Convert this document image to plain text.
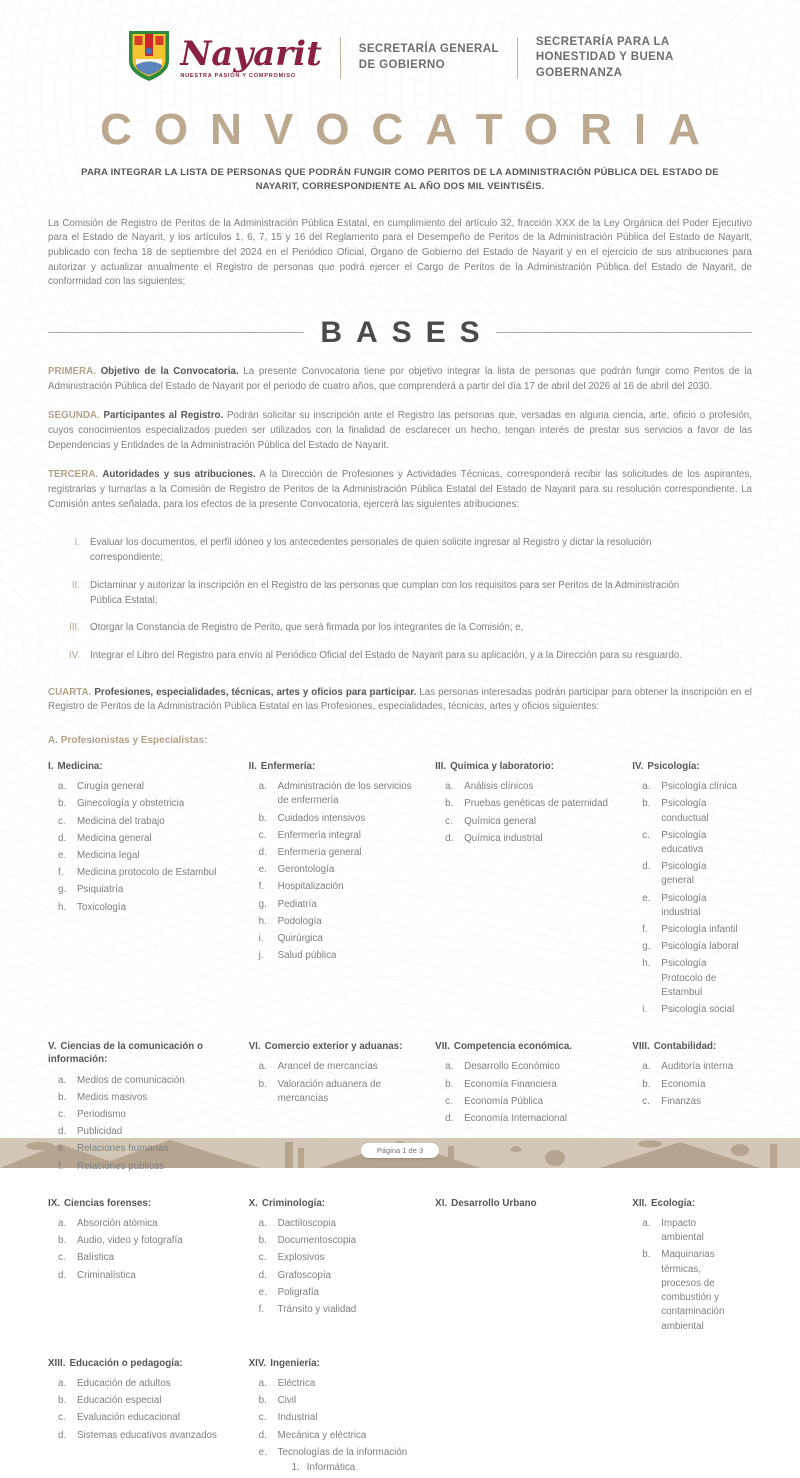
Nayarit
NUESTRA PASIÓN Y COMPROMISO
SECRETARÍA GENERAL
DE GOBIERNO
SECRETARÍA PARA LA
HONESTIDAD Y BUENA
GOBERNANZA
CONVOCATORIA
PARA INTEGRAR LA LISTA DE PERSONAS QUE PODRÁN FUNGIR COMO PERITOS DE LA ADMINISTRACIÓN PÚBLICA DEL ESTADO DE NAYARIT, CORRESPONDIENTE AL AÑO DOS MIL VEINTISÉIS.

La Comisión de Registro de Peritos de la Administración Pública Estatal, en cumplimiento del artículo 32, fracción XXX de la Ley Orgánica del Poder Ejecutivo para el Estado de Nayarit, y los artículos 1, 6, 7, 15 y 16 del Reglamento para el Desempeño de Peritos de la Administración Pública del Estado de Nayarit, publicado con fecha 18 de septiembre del 2024 en el Periódico Oficial, Órgano de Gobierno del Estado de Nayarit y en el ejercicio de sus atribuciones para autorizar y actualizar anualmente el Registro de personas que podrá ejercer el Cargo de Peritos de la Administración Pública del Estado de Nayarit, de conformidad con las siguientes;

BASES

PRIMERA. Objetivo de la Convocatoria. La presente Convocatoria tiene por objetivo integrar la lista de personas que podrán fungir como Peritos de la Administración Pública del Estado de Nayarit por el periodo de cuatro años, que comprenderá a partir del día 17 de abril del 2026 al 16 de abril del 2030.

SEGUNDA. Participantes al Registro. Podrán solicitar su inscripción ante el Registro las personas que, versadas en alguna ciencia, arte, oficio o profesión, cuyos conocimientos especializados pueden ser utilizados con la finalidad de esclarecer un hecho, tengan interés de prestar sus servicios a favor de las Dependencias y Entidades de la Administración Pública del Estado de Nayarit.

TERCERA. Autoridades y sus atribuciones. A la Dirección de Profesiones y Actividades Técnicas, corresponderá recibir las solicitudes de los aspirantes, registrarlas y turnarlas a la Comisión de Registro de Peritos de la Administración Pública Estatal del Estado de Nayarit para su resolución correspondiente. La Comisión antes señalada, para los efectos de la presente Convocatoria, ejercerá las siguientes atribuciones:

I. Evaluar los documentos, el perfil idóneo y los antecedentes personales de quien solicite ingresar al Registro y dictar la resolución correspondiente;
II. Dictaminar y autorizar la inscripción en el Registro de las personas que cumplan con los requisitos para ser Peritos de la Administración Pública Estatal;
III. Otorgar la Constancia de Registro de Perito, que será firmada por los integrantes de la Comisión; e,
IV. Integrar el Libro del Registro para envío al Periódico Oficial del Estado de Nayarit para su aplicación, y a la Dirección para su resguardo.

CUARTA. Profesiones, especialidades, técnicas, artes y oficios para participar. Las personas interesadas podrán participar para obtener la inscripción en el Registro de Peritos de la Administración Pública Estatal en las Profesiones, especialidades, técnicas, artes y oficios siguientes:

A. Profesionistas y Especialistas:
I. Medicina:
a. Cirugía general
b. Ginecología y obstetricia
c. Medicina del trabajo
d. Medicina general
e. Medicina legal
f.	Medicina protocolo de Estambul
g. Psiquiatría
h. Toxicología
II. Enfermería:
a. Administración de los servicios de enfermería
b. Cuidados intensivos
c. Enfermería integral
d. Enfermería general
e. Gerontología
f.	Hospitalización
g. Pediatría
h. Podología
i.	Quirúrgica
j.	Salud pública
III. Química y laboratorio:
a. Análisis clínicos
b. Pruebas genéticas de paternidad
c. Química general
d. Química industrial
IV. Psicología:
a. Psicología clínica
b. Psicología conductual
c. Psicología educativa
d. Psicología general
e. Psicología industrial
f.	Psicología infantil
g. Psicología laboral
h. Psicología Protocolo de Estambul
i.	Psicología social
V. Ciencias de la comunicación o información:
a. Medios de comunicación
b. Medios masivos
c. Periodismo
d. Publicidad
e. Relaciones humanas
f.	Relaciones públicas
VI. Comercio exterior y aduanas:
a. Arancel de mercancías
b. Valoración aduanera de mercancías
VII. Competencia económica.
a. Desarrollo Económico
b. Economía Financiera
c. Economía Pública
d. Economía Internacional
VIII. Contabilidad:
a. Auditoría interna
b. Economía
c. Finanzas
IX. Ciencias forenses:
a. Absorción atómica
b. Audio, video y fotografía
c. Balística
d. Criminalística
X. Criminología:
a. Dactiloscopia
b. Documentoscopia
c. Explosivos
d. Grafoscopía
e. Poligrafía
f.	Tránsito y vialidad
XI. Desarrollo Urbano	XII. Ecología:
a. Impacto ambiental
b. Maquinarias térmicas, procesos de combustión y contaminación ambiental
XIII. Educación o pedagogía:
a. Educación de adultos
b. Educación especial
c. Evaluación educacional
d. Sistemas educativos avanzados
XIV. Ingeniería:
a. Eléctrica
b. Civil
c. Industrial
d. Mecánica y eléctrica
e. Tecnologías de la información
1. Informática
Página 1 de 3
